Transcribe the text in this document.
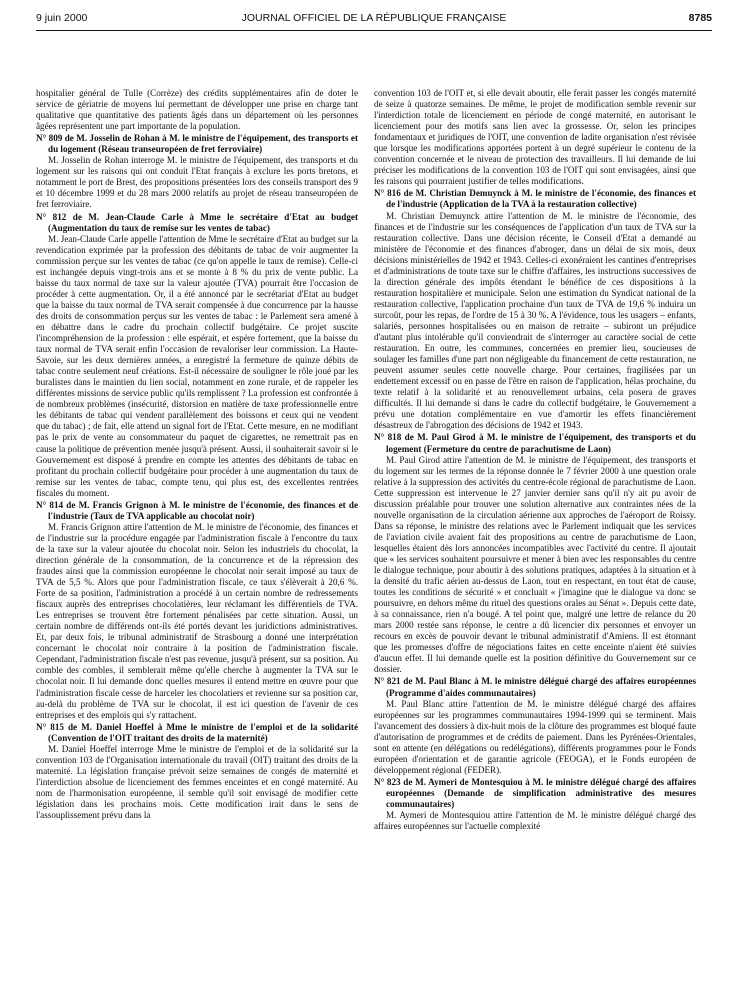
9 juin 2000	JOURNAL OFFICIEL DE LA RÉPUBLIQUE FRANÇAISE	8785

hospitalier général de Tulle (Corrèze) des crédits supplémentaires afin de doter le service de gériatrie de moyens lui permettant de développer une prise en charge tant qualitative que quantitative des patients âgés dans un département où les personnes âgées représentent une part importante de la population.

N° 809 de M. Josselin de Rohan à M. le ministre de l'équipement, des transports et du logement (Réseau transeuropéen de fret ferroviaire)

M. Josselin de Rohan interroge M. le ministre de l'équipement, des transports et du logement sur les raisons qui ont conduit l'Etat français à exclure les ports bretons, et notamment le port de Brest, des propositions présentées lors des conseils transport des 9 et 10 décembre 1999 et du 28 mars 2000 relatifs au projet de réseau transeuropéen de fret ferroviaire.

N° 812 de M. Jean-Claude Carle à Mme le secrétaire d'Etat au budget (Augmentation du taux de remise sur les ventes de tabac)

M. Jean-Claude Carle appelle l'attention de Mme le secrétaire d'Etat au budget sur la revendication exprimée par la profession des débitants de tabac de voir augmenter la commission perçue sur les ventes de tabac (ce qu'on appelle le taux de remise). Celle-ci est inchangée depuis vingt-trois ans et se monte à 8 % du prix de vente public. La baisse du taux normal de taxe sur la valeur ajoutée (TVA) pourrait être l'occasion de procéder à cette augmentation. Or, il a été annoncé par le secrétariat d'Etat au budget que la baisse du taux normal de TVA serait compensée à due concurrence par la hausse des droits de consommation perçus sur les ventes de tabac : le Parlement sera amené à en débattre dans le cadre du prochain collectif budgétaire. Ce projet suscite l'incompréhension de la profession : elle espérait, et espère fortement, que la baisse du taux normal de TVA serait enfin l'occasion de revaloriser leur commission. La Haute-Savoie, sur les deux dernières années, a enregistré la fermeture de quinze débits de tabac contre seulement neuf créations. Est-il nécessaire de souligner le rôle joué par les buralistes dans le maintien du lien social, notamment en zone rurale, et de rappeler les différentes missions de service public qu'ils remplissent ? La profession est confrontée à de nombreux problèmes (insécurité, distorsion en matière de taxe professionnelle entre les débitants de tabac qui vendent parallèlement des boissons et ceux qui ne vendent que du tabac) ; de fait, elle attend un signal fort de l'Etat. Cette mesure, en ne modifiant pas le prix de vente au consommateur du paquet de cigarettes, ne remettrait pas en cause la politique de prévention menée jusqu'à présent. Aussi, il souhaiterait savoir si le Gouvernement est disposé à prendre en compte les attentes des débitants de tabac en profitant du prochain collectif budgétaire pour procéder à une augmentation du taux de remise sur les ventes de tabac, compte tenu, qui plus est, des excellentes rentrées fiscales du moment.

N° 814 de M. Francis Grignon à M. le ministre de l'économie, des finances et de l'industrie (Taux de TVA applicable au chocolat noir)

M. Francis Grignon attire l'attention de M. le ministre de l'économie, des finances et de l'industrie sur la procédure engagée par l'administration fiscale à l'encontre du taux de la taxe sur la valeur ajoutée du chocolat noir. Selon les industriels du chocolat, la direction générale de la consommation, de la concurrence et de la répression des fraudes ainsi que la commission européenne le chocolat noir serait imposé au taux de TVA de 5,5 %. Alors que pour l'administration fiscale, ce taux s'élèverait à 20,6 %. Forte de sa position, l'administration a procédé à un certain nombre de redressements fiscaux auprès des entreprises chocolatières, leur réclamant les différentiels de TVA. Les entreprises se trouvent être fortement pénalisées par cette situation. Aussi, un certain nombre de différends ont-ils été portés devant les juridictions administratives. Et, par deux fois, le tribunal administratif de Strasbourg a donné une interprétation concernant le chocolat noir contraire à la position de l'administration fiscale. Cependant, l'administration fiscale n'est pas revenue, jusqu'à présent, sur sa position. Au comble des combles, il semblerait même qu'elle cherche à augmenter la TVA sur le chocolat noir. Il lui demande donc quelles mesures il entend mettre en œuvre pour que l'administration fiscale cesse de harceler les chocolatiers et revienne sur sa position car, au-delà du problème de TVA sur le chocolat, il est ici question de l'avenir de ces entreprises et des emplois qui s'y rattachent.

N° 815 de M. Daniel Hoeffel à Mme le ministre de l'emploi et de la solidarité (Convention de l'OIT traitant des droits de la maternité)

M. Daniel Hoeffel interroge Mme le ministre de l'emploi et de la solidarité sur la convention 103 de l'Organisation internationale du travail (OIT) traitant des droits de la maternité. La législation française prévoit seize semaines de congés de maternité et l'interdiction absolue de licenciement des femmes enceintes et en congé maternité. Au nom de l'harmonisation européenne, il semble qu'il soit envisagé de modifier cette législation dans les prochains mois. Cette modification irait dans le sens de l'assouplissement prévu dans la

convention 103 de l'OIT et, si elle devait aboutir, elle ferait passer les congés maternité de seize à quatorze semaines. De même, le projet de modification semble revenir sur l'interdiction totale de licenciement en période de congé maternité, en autorisant le licenciement pour des motifs sans lien avec la grossesse. Or, selon les principes fondamentaux et juridiques de l'OIT, une convention de ladite organisation n'est révisée que lorsque les modifications apportées portent à un degré supérieur le contenu de la convention concernée et le niveau de protection des travailleurs. Il lui demande de lui préciser les modifications de la convention 103 de l'OIT qui sont envisagées, ainsi que les raisons qui pourraient justifier de telles modifications.

N° 816 de M. Christian Demuynck à M. le ministre de l'économie, des finances et de l'industrie (Application de la TVA à la restauration collective)

M. Christian Demuynck attire l'attention de M. le ministre de l'économie, des finances et de l'industrie sur les conséquences de l'application d'un taux de TVA sur la restauration collective. Dans une décision récente, le Conseil d'Etat a demandé au ministère de l'économie et des finances d'abroger, dans un délai de six mois, deux décisions ministérielles de 1942 et 1943. Celles-ci exonéraient les cantines d'entreprises et d'administrations de toute taxe sur le chiffre d'affaires, les instructions successives de la direction générale des impôts étendant le bénéfice de ces dispositions à la restauration hospitalière et municipale. Selon une estimation du Syndicat national de la restauration collective, l'application prochaine d'un taux de TVA de 19,6 % induira un surcoût, pour les repas, de l'ordre de 15 à 30 %. A l'évidence, tous les usagers – enfants, salariés, personnes hospitalisées ou en maison de retraite – subiront un préjudice d'autant plus intolérable qu'il conviendrait de s'interroger au caractère social de cette restauration. En outre, les communes, concernées en premier lieu, soucieuses de soulager les familles d'une part non négligeable du financement de cette restauration, ne peuvent assumer seules cette nouvelle charge. Pour certaines, fragilisées par un endettement excessif ou en passe de l'être en raison de l'application, hélas prochaine, du texte relatif à la solidarité et au renouvellement urbains, cela posera de graves difficultés. Il lui demande si dans le cadre du collectif budgétaire, le Gouvernement a prévu une dotation complémentaire en vue d'amortir les effets financièrement désastreux de l'abrogation des décisions de 1942 et 1943.

N° 818 de M. Paul Girod à M. le ministre de l'équipement, des transports et du logement (Fermeture du centre de parachutisme de Laon)

M. Paul Girod attire l'attention de M. le ministre de l'équipement, des transports et du logement sur les termes de la réponse donnée le 7 février 2000 à une question orale relative à la suppression des activités du centre-école régional de parachutisme de Laon. Cette suppression est intervenue le 27 janvier dernier sans qu'il n'y ait pu avoir de discussion préalable pour trouver une solution alternative aux contraintes nées de la nouvelle organisation de la circulation aérienne aux approches de l'aéroport de Roissy. Dans sa réponse, le ministre des relations avec le Parlement indiquait que les services de l'aviation civile avaient fait des propositions au centre de parachutisme de Laon, lesquelles étaient dès lors annoncées incompatibles avec l'activité du centre. Il ajoutait que « les services souhaitent poursuivre et mener à bien avec les responsables du centre le dialogue technique, pour aboutir à des solutions pratiques, adaptées à la situation et à la densité du trafic aérien au-dessus de Laon, tout en respectant, en tout état de cause, toutes les conditions de sécurité » et concluait « j'imagine que le dialogue va donc se poursuivre, en dehors même du rituel des questions orales au Sénat ». Depuis cette date, à sa connaissance, rien n'a bougé. A tel point que, malgré une lettre de relance du 20 mars 2000 restée sans réponse, le centre a dû licencier dix personnes et envoyer un recours en excès de pouvoir devant le tribunal administratif d'Amiens. Il est étonnant que les promesses d'offre de négociations faites en cette enceinte n'aient été suivies d'aucun effet. Il lui demande quelle est la position définitive du Gouvernement sur ce dossier.

N° 821 de M. Paul Blanc à M. le ministre délégué chargé des affaires européennes (Programme d'aides communautaires)

M. Paul Blanc attire l'attention de M. le ministre délégué chargé des affaires européennes sur les programmes communautaires 1994-1999 qui se terminent. Mais l'avancement des dossiers à dix-huit mois de la clôture des programmes est bloqué faute d'autorisation de programmes et de crédits de paiement. Dans les Pyrénées-Orientales, sont en attente (en délégations ou redélégations), différents programmes pour le Fonds européen d'orientation et de garantie agricole (FEOGA), et le Fonds européen de développement régional (FEDER).

N° 823 de M. Aymeri de Montesquiou à M. le ministre délégué chargé des affaires européennes (Demande de simplification administrative des mesures communautaires)

M. Aymeri de Montesquiou attire l'attention de M. le ministre délégué chargé des affaires européennes sur l'actuelle complexité
